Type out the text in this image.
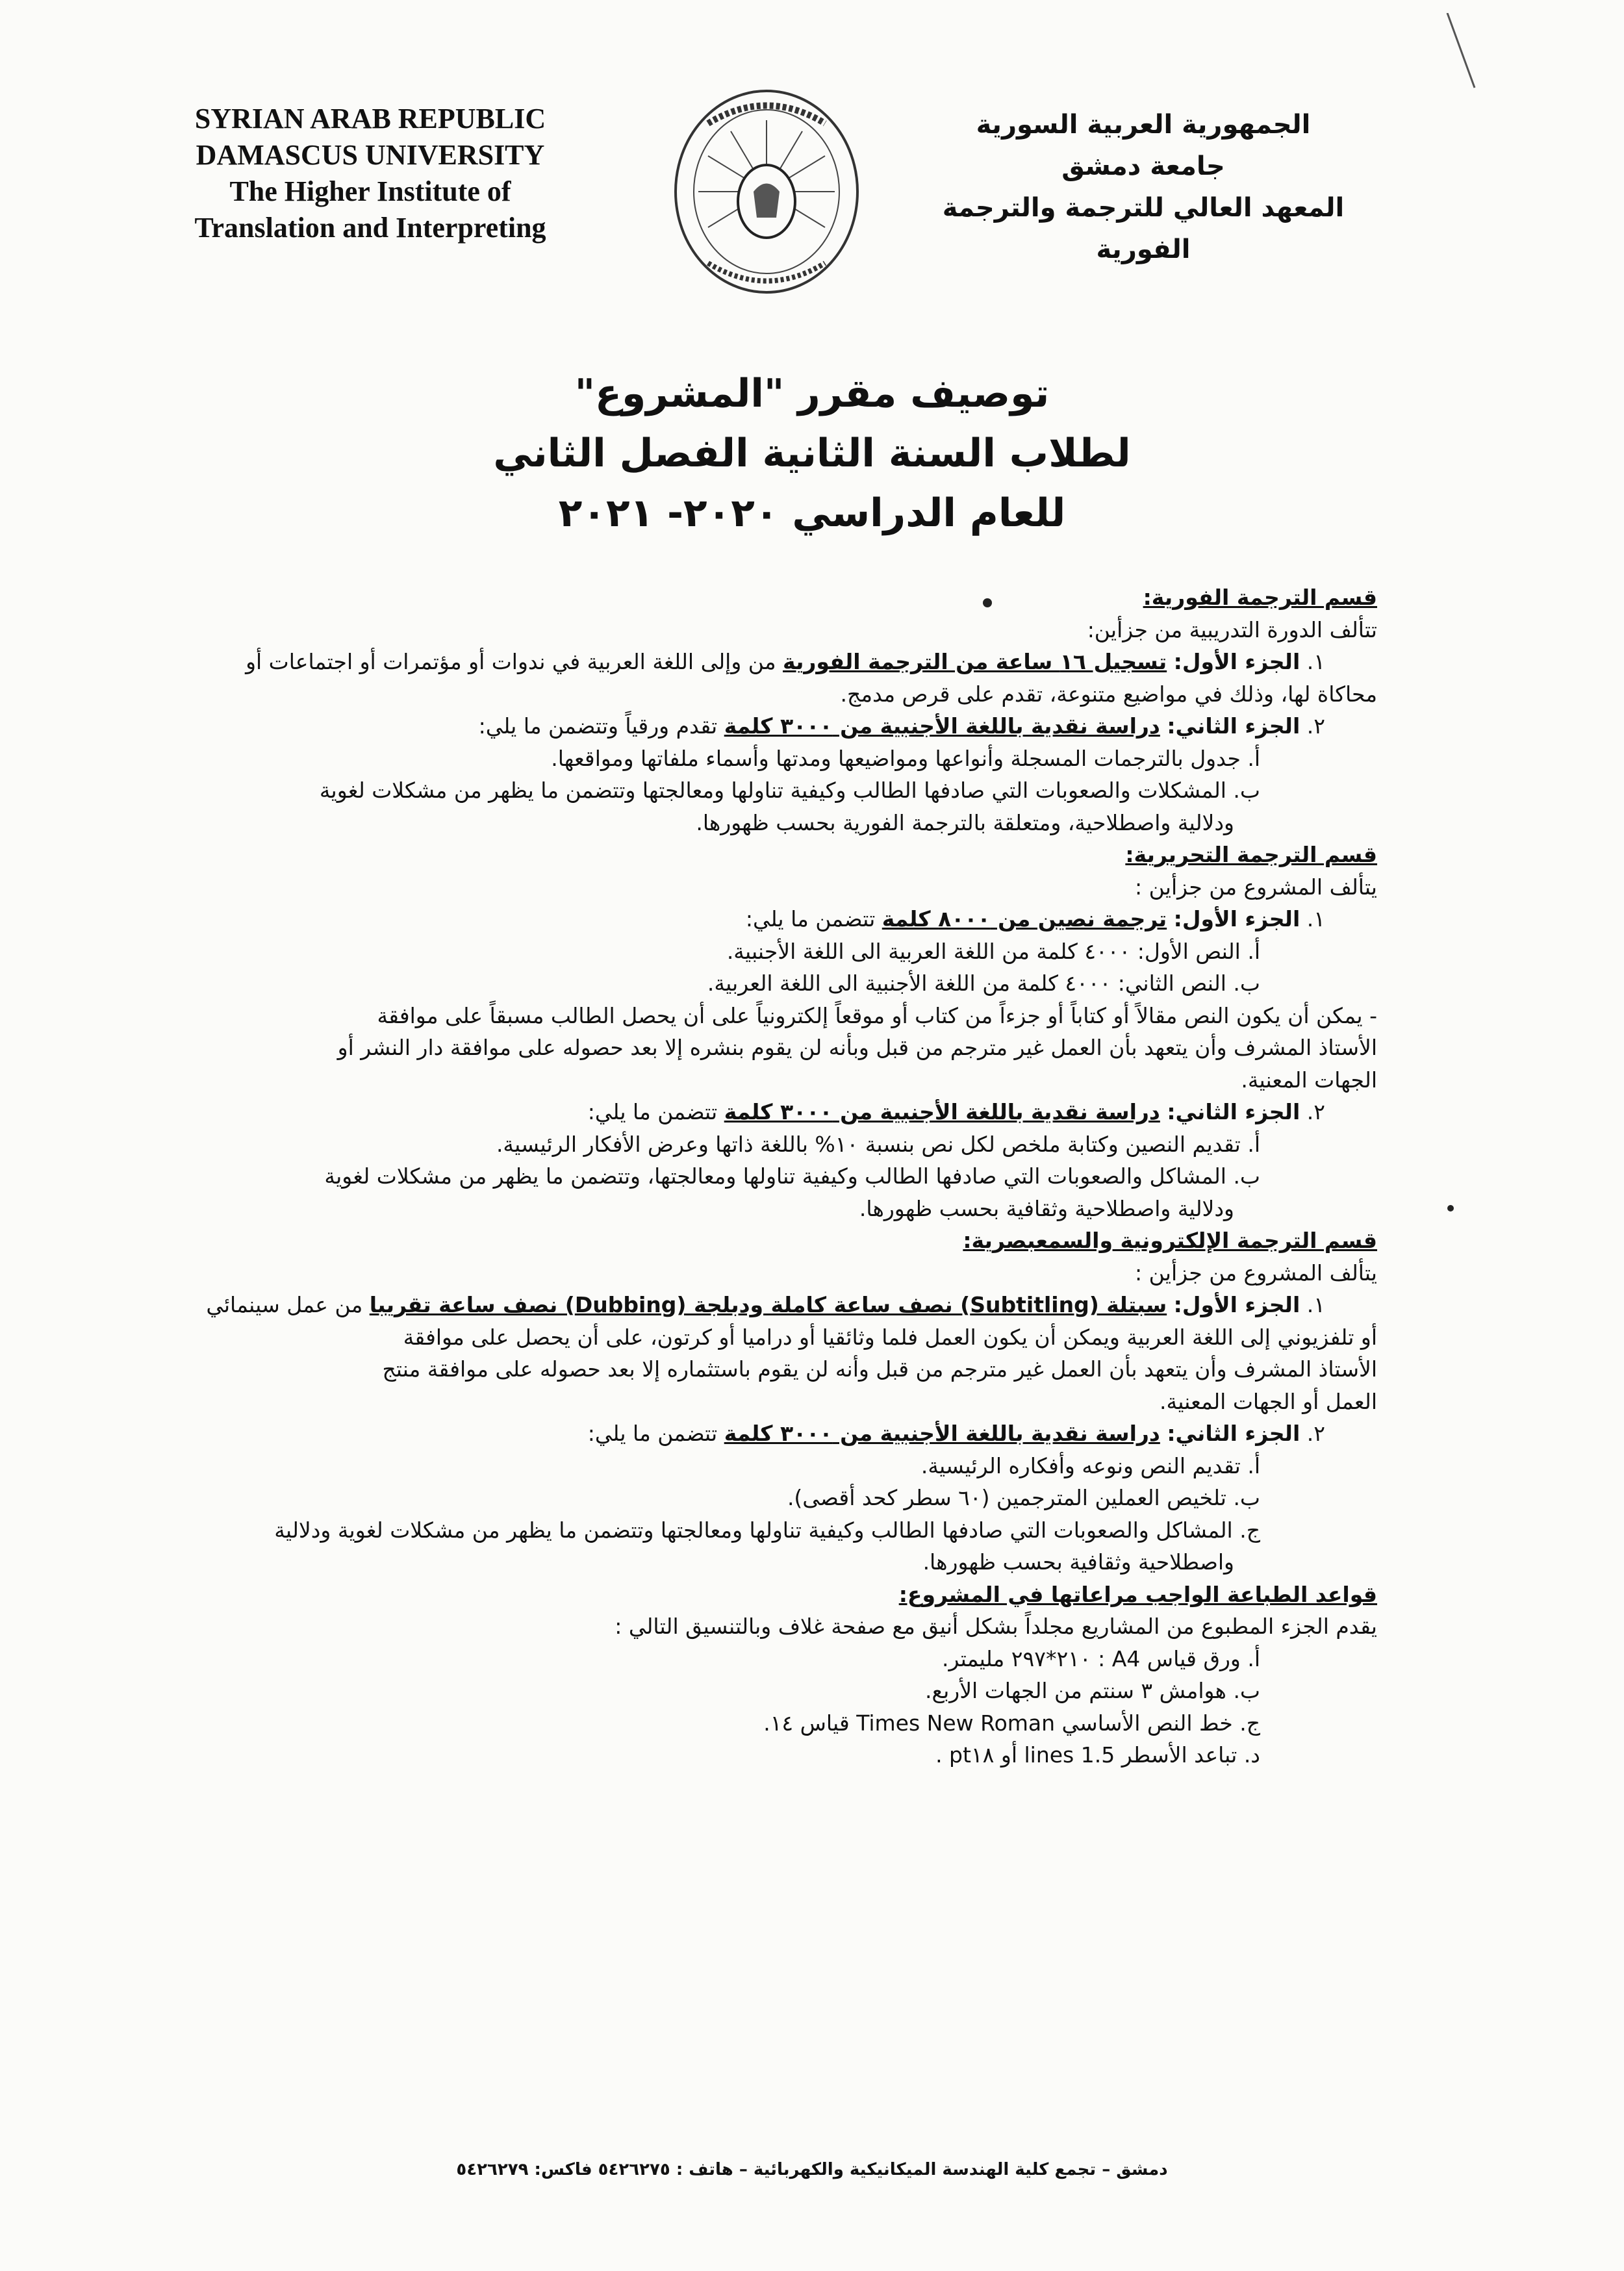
SYRIAN ARAB REPUBLIC
DAMASCUS UNIVERSITY
The Higher Institute of
Translation and Interpreting
الجمهورية العربية السورية
جامعة دمشق
المعهد العالي للترجمة والترجمة الفورية
توصيف مقرر "المشروع"
لطلاب السنة الثانية الفصل الثاني
للعام الدراسي ٢٠٢٠- ٢٠٢١

قسم الترجمة الفورية:

تتألف الدورة التدريبية من جزأين:

١. الجزء الأول: تسجيل ١٦ ساعة من الترجمة الفورية من وإلى اللغة العربية في ندوات أو مؤتمرات أو اجتماعات أو

محاكاة لها، وذلك في مواضيع متنوعة، تقدم على قرص مدمج.

٢. الجزء الثاني: دراسة نقدية باللغة الأجنبية من ٣٠٠٠ كلمة تقدم ورقياً وتتضمن ما يلي:

أ. جدول بالترجمات المسجلة وأنواعها ومواضيعها ومدتها وأسماء ملفاتها ومواقعها.

ب. المشكلات والصعوبات التي صادفها الطالب وكيفية تناولها ومعالجتها وتتضمن ما يظهر من مشكلات لغوية

ودلالية واصطلاحية، ومتعلقة بالترجمة الفورية بحسب ظهورها.

قسم الترجمة التحريرية:

يتألف المشروع من جزأين :

١. الجزء الأول: ترجمة نصين من ٨٠٠٠ كلمة تتضمن ما يلي:

أ. النص الأول: ٤٠٠٠ كلمة من اللغة العربية الى اللغة الأجنبية.

ب. النص الثاني: ٤٠٠٠ كلمة من اللغة الأجنبية الى اللغة العربية.

- يمكن أن يكون النص مقالاً أو كتاباً أو جزءاً من كتاب أو موقعاً إلكترونياً على أن يحصل الطالب مسبقاً على موافقة

الأستاذ المشرف وأن يتعهد بأن العمل غير مترجم من قبل وبأنه لن يقوم بنشره إلا بعد حصوله على موافقة دار النشر أو

الجهات المعنية.

٢. الجزء الثاني: دراسة نقدية باللغة الأجنبية من ٣٠٠٠ كلمة تتضمن ما يلي:

أ. تقديم النصين وكتابة ملخص لكل نص بنسبة ١٠% باللغة ذاتها وعرض الأفكار الرئيسية.

ب. المشاكل والصعوبات التي صادفها الطالب وكيفية تناولها ومعالجتها، وتتضمن ما يظهر من مشكلات لغوية

ودلالية واصطلاحية وثقافية بحسب ظهورها.

قسم الترجمة الإلكترونية والسمعبصرية:

يتألف المشروع من جزأين :

١. الجزء الأول: سبتلة (Subtitling) نصف ساعة كاملة ودبلجة (Dubbing) نصف ساعة تقريبا من عمل سينمائي

أو تلفزيوني إلى اللغة العربية ويمكن أن يكون العمل فلما وثائقيا أو دراميا أو كرتون، على أن يحصل على موافقة

الأستاذ المشرف وأن يتعهد بأن العمل غير مترجم من قبل وأنه لن يقوم باستثماره إلا بعد حصوله على موافقة منتج

العمل أو الجهات المعنية.

٢. الجزء الثاني: دراسة نقدية باللغة الأجنبية من ٣٠٠٠ كلمة تتضمن ما يلي:

أ. تقديم النص ونوعه وأفكاره الرئيسية.

ب. تلخيص العملين المترجمين (٦٠ سطر كحد أقصى).

ج. المشاكل والصعوبات التي صادفها الطالب وكيفية تناولها ومعالجتها وتتضمن ما يظهر من مشكلات لغوية ودلالية

واصطلاحية وثقافية بحسب ظهورها.

قواعد الطباعة الواجب مراعاتها في المشروع:

يقدم الجزء المطبوع من المشاريع مجلداً بشكل أنيق مع صفحة غلاف وبالتنسيق التالي :

أ. ورق قياس A4 : ٢١٠*٢٩٧ مليمتر.

ب. هوامش ٣ سنتم من الجهات الأربع.

ج. خط النص الأساسي Times New Roman قياس ١٤.

د. تباعد الأسطر 1.5 lines أو pt١٨ .

دمشق – تجمع كلية الهندسة الميكانيكية والكهربائية – هاتف : ٥٤٢٦٢٧٥ فاكس: ٥٤٢٦٢٧٩
